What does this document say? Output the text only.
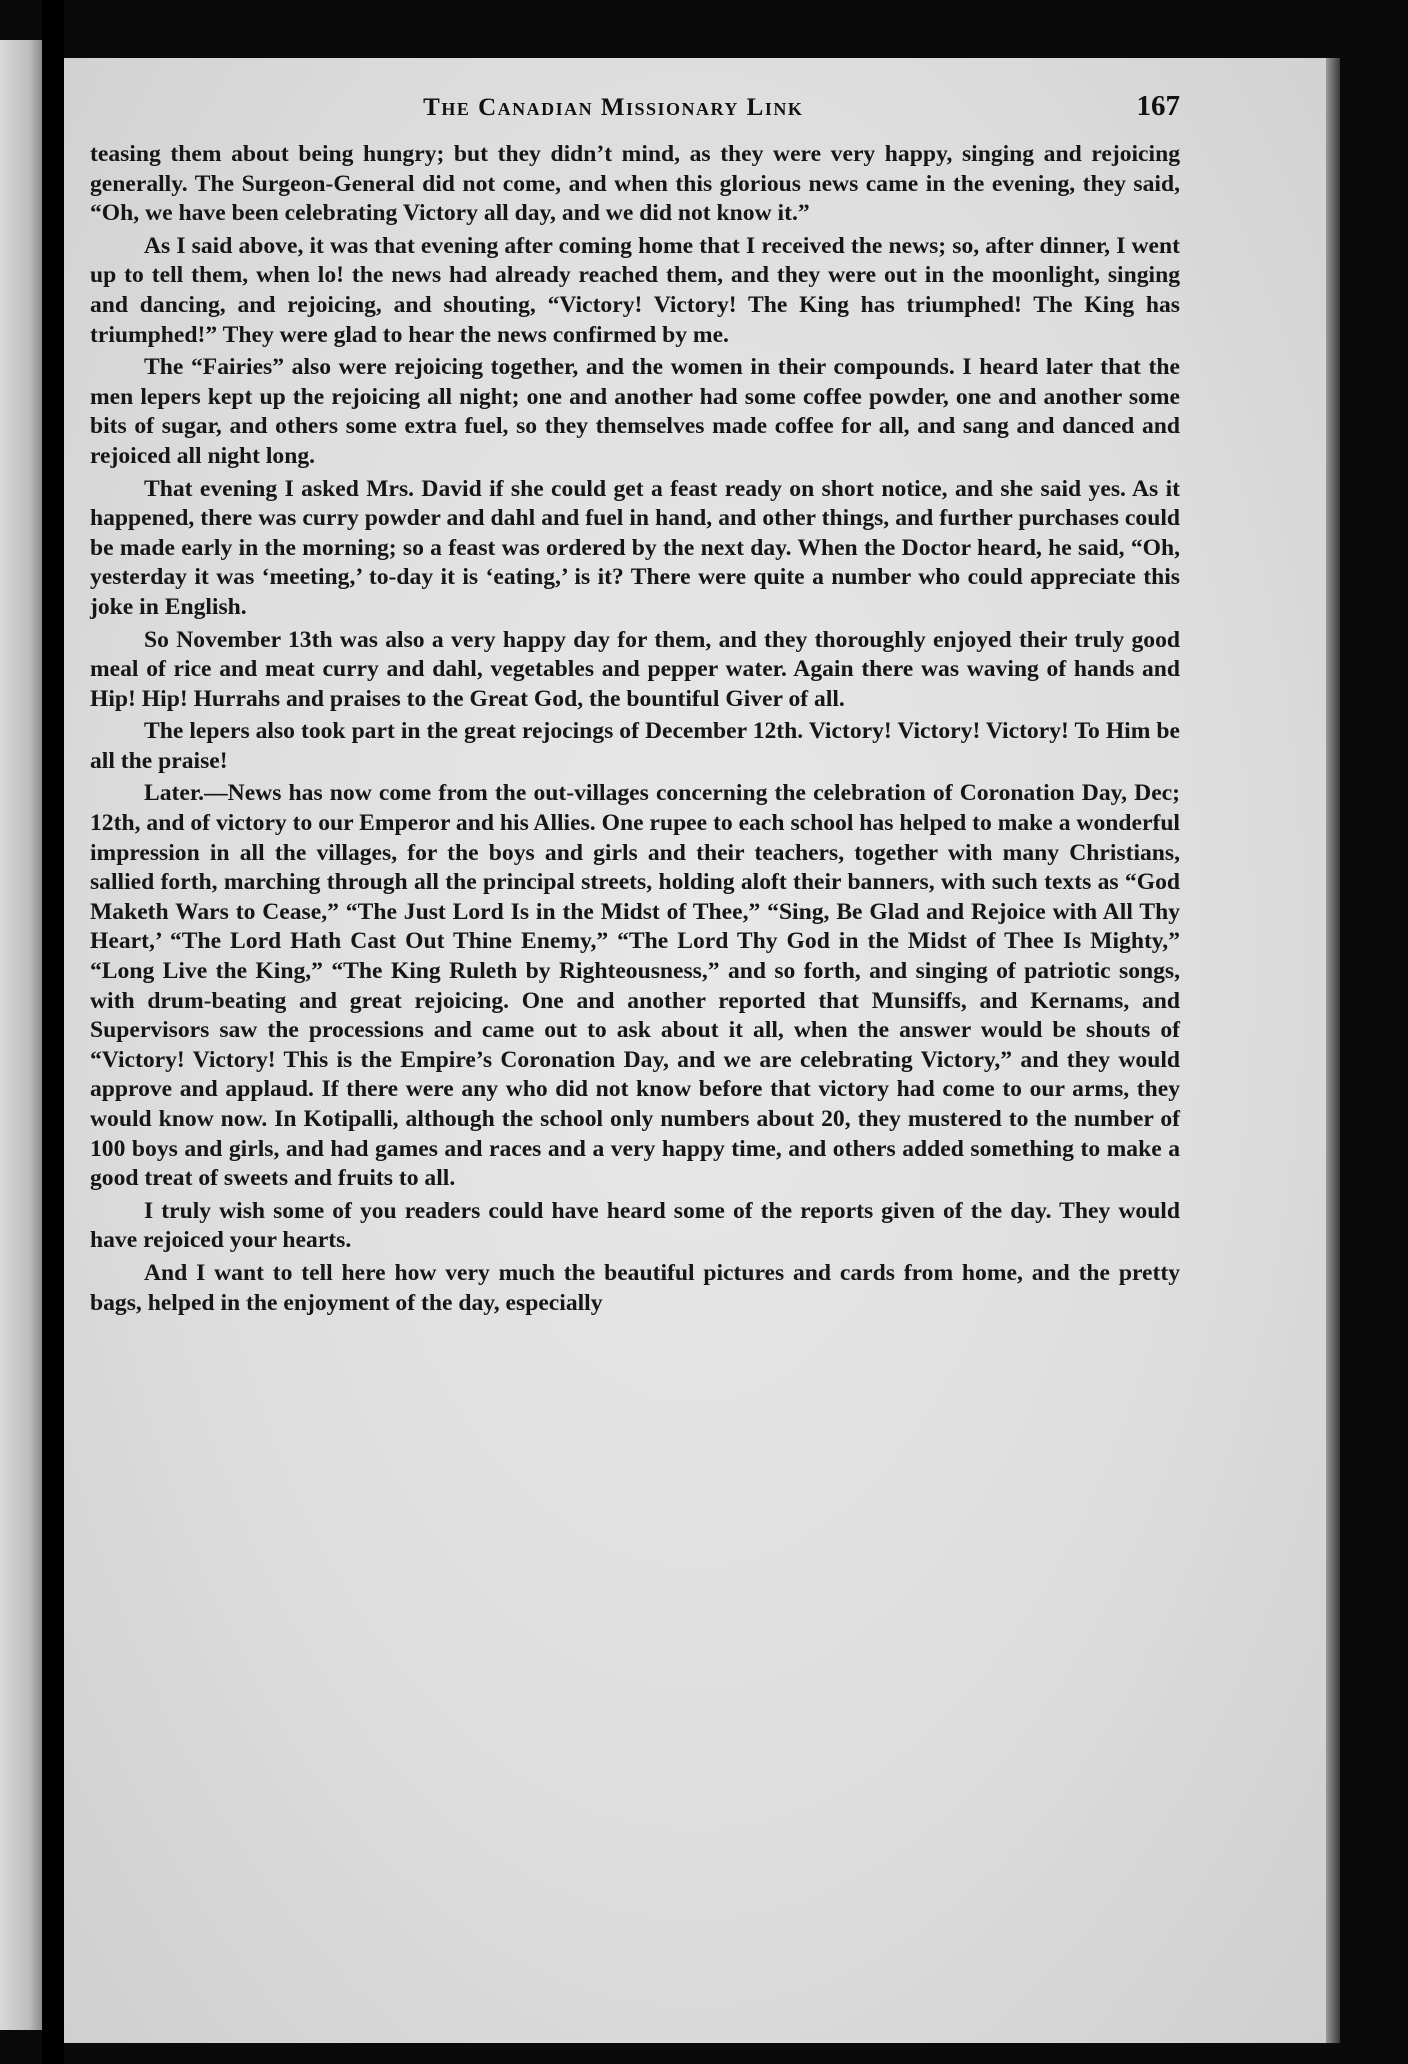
The Canadian Missionary Link	167

teasing them about being hungry; but they didn’t mind, as they were very happy, singing and rejoicing generally. The Surgeon-General did not come, and when this glorious news came in the evening, they said, “Oh, we have been celebrating Victory all day, and we did not know it.”

As I said above, it was that evening after coming home that I received the news; so, after dinner, I went up to tell them, when lo! the news had already reached them, and they were out in the moonlight, singing and dancing, and rejoicing, and shouting, “Victory! Victory! The King has triumphed! The King has triumphed!” They were glad to hear the news confirmed by me.

The “Fairies” also were rejoicing together, and the women in their compounds. I heard later that the men lepers kept up the rejoicing all night; one and another had some coffee powder, one and another some bits of sugar, and others some extra fuel, so they themselves made coffee for all, and sang and danced and rejoiced all night long.

That evening I asked Mrs. David if she could get a feast ready on short notice, and she said yes. As it happened, there was curry powder and dahl and fuel in hand, and other things, and further purchases could be made early in the morning; so a feast was ordered by the next day. When the Doctor heard, he said, “Oh, yesterday it was ‘meeting,’ to-day it is ‘eating,’ is it? There were quite a number who could appreciate this joke in English.

So November 13th was also a very happy day for them, and they thoroughly enjoyed their truly good meal of rice and meat curry and dahl, vegetables and pepper water. Again there was waving of hands and Hip! Hip! Hurrahs and praises to the Great God, the bountiful Giver of all.

The lepers also took part in the great rejocings of December 12th. Victory! Victory! Victory! To Him be all the praise!

Later.—News has now come from the out-villages concerning the celebration of Coronation Day, Dec; 12th, and of victory to our Emperor and his Allies. One rupee to each school has helped to make a wonderful impression in all the villages, for the boys and girls and their teachers, together with many Christians, sallied forth, marching through all the principal streets, holding aloft their banners, with such texts as “God Maketh Wars to Cease,” “The Just Lord Is in the Midst of Thee,” “Sing, Be Glad and Rejoice with All Thy Heart,’ “The Lord Hath Cast Out Thine Enemy,” “The Lord Thy God in the Midst of Thee Is Mighty,” “Long Live the King,” “The King Ruleth by Righteousness,” and so forth, and singing of patriotic songs, with drum-beating and great rejoicing. One and another reported that Munsiffs, and Kernams, and Supervisors saw the processions and came out to ask about it all, when the answer would be shouts of “Victory! Victory! This is the Empire’s Coronation Day, and we are celebrating Victory,” and they would approve and applaud. If there were any who did not know before that victory had come to our arms, they would know now. In Kotipalli, although the school only numbers about 20, they mustered to the number of 100 boys and girls, and had games and races and a very happy time, and others added something to make a good treat of sweets and fruits to all.

I truly wish some of you readers could have heard some of the reports given of the day. They would have rejoiced your hearts.

And I want to tell here how very much the beautiful pictures and cards from home, and the pretty bags, helped in the enjoyment of the day, especially
